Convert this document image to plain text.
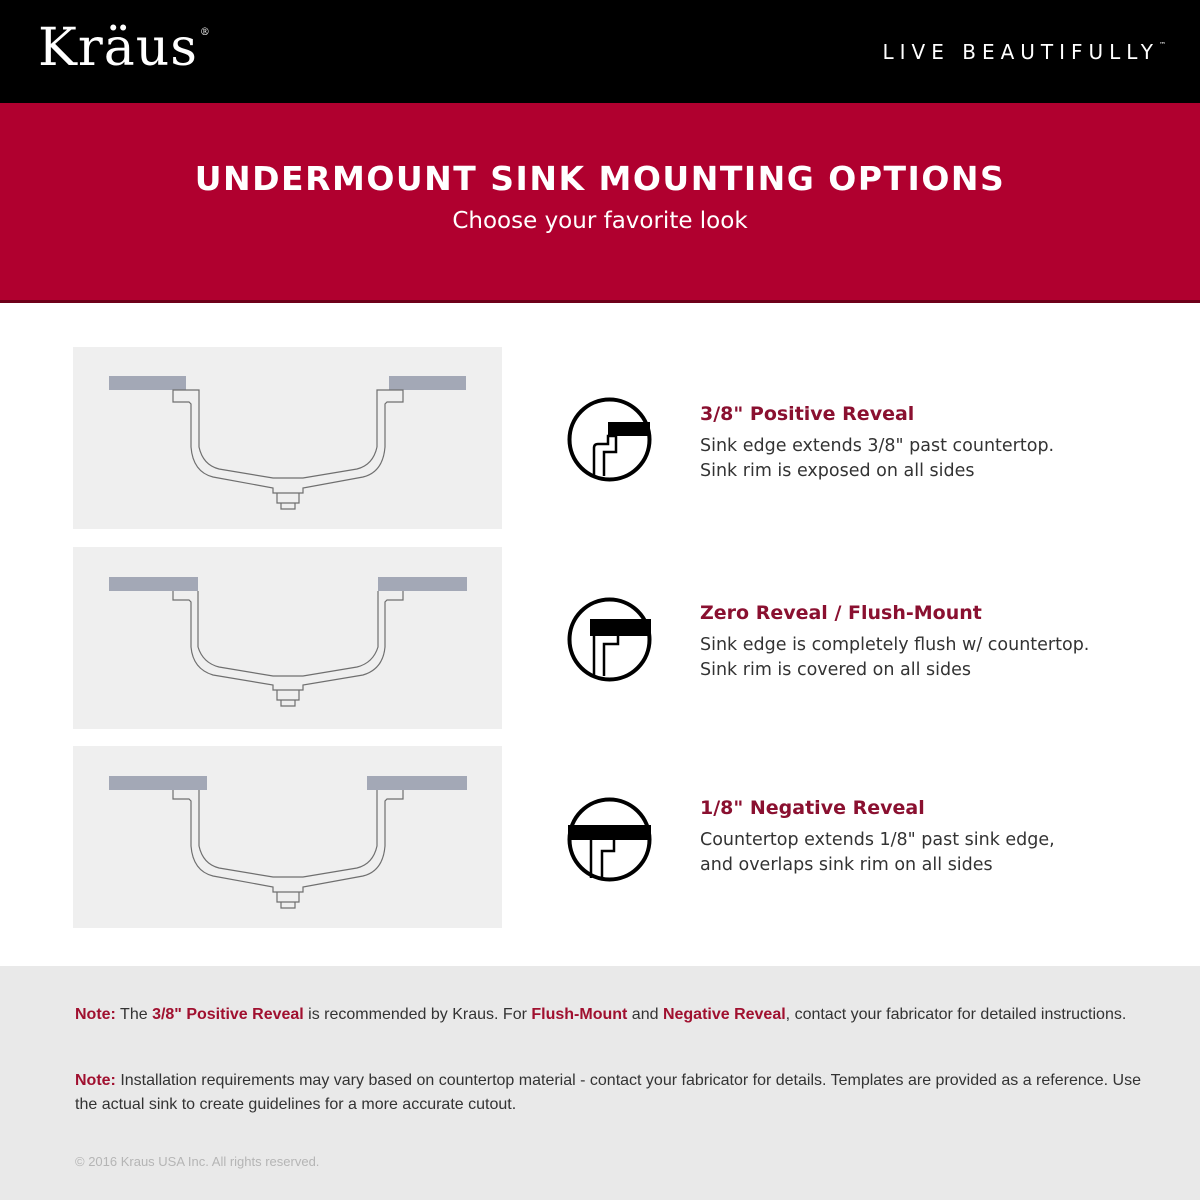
Kräus ®
LIVE BEAUTIFULLY™
UNDERMOUNT SINK MOUNTING OPTIONS
Choose your favorite look
3/8" Positive Reveal
Sink edge extends 3/8" past countertop.
Sink rim is exposed on all sides
Zero Reveal / Flush-Mount
Sink edge is completely flush w/ countertop.
Sink rim is covered on all sides
1/8" Negative Reveal
Countertop extends 1/8" past sink edge,
and overlaps sink rim on all sides
Note: The 3/8" Positive Reveal is recommended by Kraus. For Flush-Mount and Negative Reveal, contact your fabricator for detailed instructions.
Note: Installation requirements may vary based on countertop material - contact your fabricator for details. Templates are provided as a reference. Use the actual sink to create guidelines for a more accurate cutout.
© 2016 Kraus USA Inc. All rights reserved.
